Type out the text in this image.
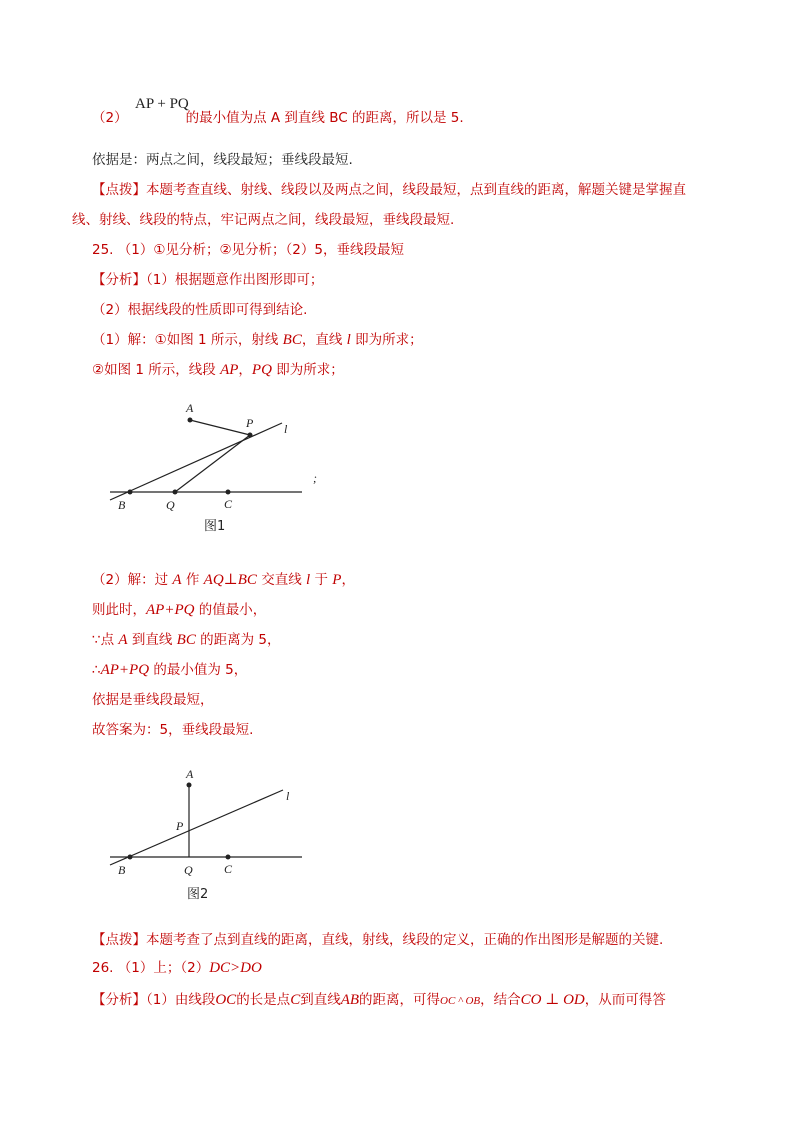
AP + PQ
（2）	的最小值为点 A 到直线 BC 的距离，所以是 5.
依据是：两点之间，线段最短；垂线段最短.
【点拨】本题考查直线、射线、线段以及两点之间，线段最短，点到直线的距离，解题关键是掌握直
线、射线、线段的特点，牢记两点之间，线段最短，垂线段最短.
25. （1）①见分析；②见分析；（2）5，垂线段最短
【分析】（1）根据题意作出图形即可；
（2）根据线段的性质即可得到结论.
（1）解：①如图 1 所示，射线 BC，直线 l 即为所求；
②如图 1 所示，线段 AP，PQ 即为所求；
A
P	l
B	Q	C
图1
;
（2）解：过 A 作 AQ⊥BC 交直线 l 于 P，
则此时，AP+PQ 的值最小，
∵点 A 到直线 BC 的距离为 5，
∴AP+PQ 的最小值为 5，
依据是垂线段最短，
故答案为：5，垂线段最短.
A
P
l
B	Q	C
图2
【点拨】本题考查了点到直线的距离，直线，射线，线段的定义，正确的作出图形是解题的关键.
26. （1）上；（2）DC>DO
【分析】（1）由线段OC的长是点C到直线AB的距离，可得OC ^ OB，结合CO ⊥ OD，从而可得答
